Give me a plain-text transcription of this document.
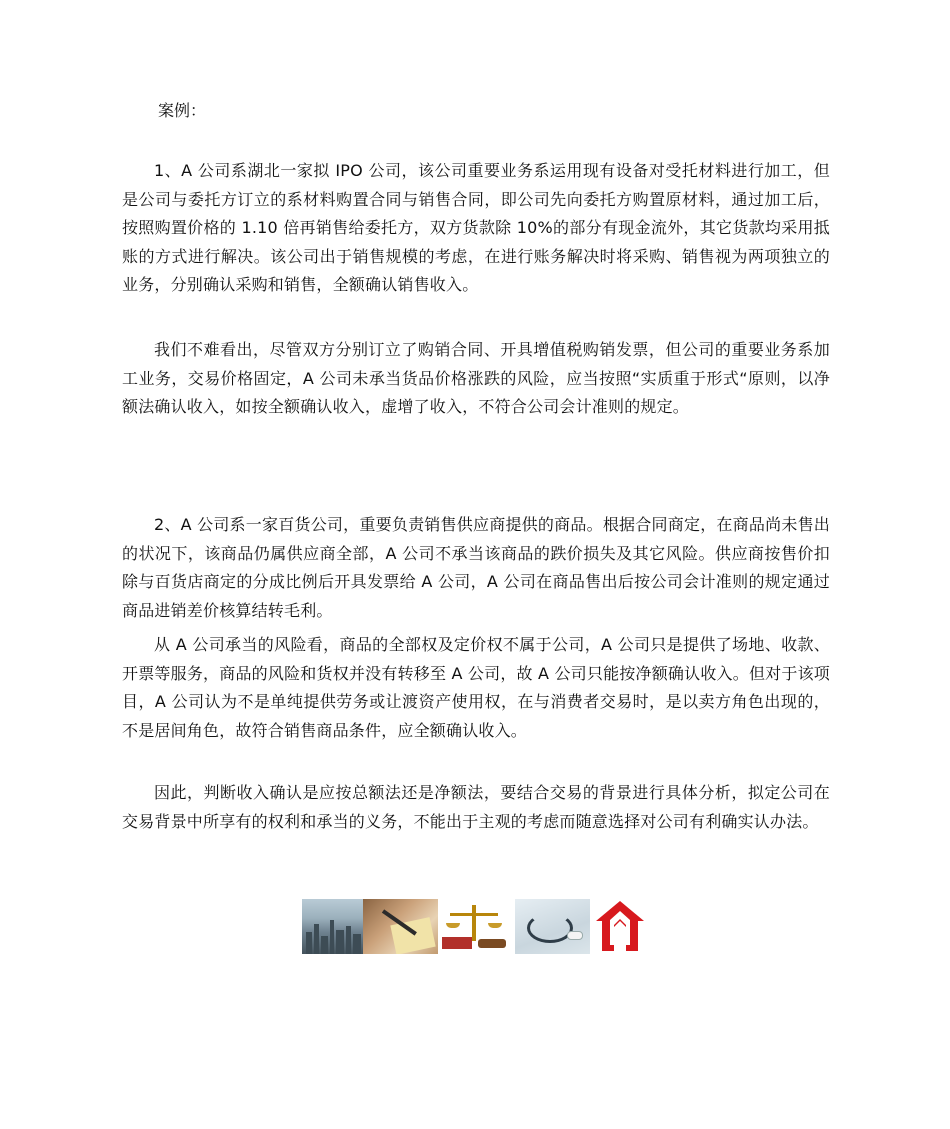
案例：

1、A 公司系湖北一家拟 IPO 公司，该公司重要业务系运用现有设备对受托材料进行加工，但是公司与委托方订立的系材料购置合同与销售合同，即公司先向委托方购置原材料，通过加工后，按照购置价格的 1.10 倍再销售给委托方，双方货款除 10%的部分有现金流外，其它货款均采用抵账的方式进行解决。该公司出于销售规模的考虑，在进行账务解决时将采购、销售视为两项独立的业务，分别确认采购和销售，全额确认销售收入。

我们不难看出，尽管双方分别订立了购销合同、开具增值税购销发票，但公司的重要业务系加工业务，交易价格固定，A 公司未承当货品价格涨跌的风险，应当按照“实质重于形式“原则，以净额法确认收入，如按全额确认收入，虚增了收入，不符合公司会计准则的规定。

2、A 公司系一家百货公司，重要负责销售供应商提供的商品。根据合同商定，在商品尚未售出的状况下，该商品仍属供应商全部，A 公司不承当该商品的跌价损失及其它风险。供应商按售价扣除与百货店商定的分成比例后开具发票给 A 公司，A 公司在商品售出后按公司会计准则的规定通过商品进销差价核算结转毛利。

从 A 公司承当的风险看，商品的全部权及定价权不属于公司，A 公司只是提供了场地、收款、开票等服务，商品的风险和货权并没有转移至 A 公司，故 A 公司只能按净额确认收入。但对于该项目，A 公司认为不是单纯提供劳务或让渡资产使用权，在与消费者交易时，是以卖方角色出现的，不是居间角色，故符合销售商品条件，应全额确认收入。

因此，判断收入确认是应按总额法还是净额法，要结合交易的背景进行具体分析，拟定公司在交易背景中所享有的权利和承当的义务，不能出于主观的考虑而随意选择对公司有利确实认办法。
